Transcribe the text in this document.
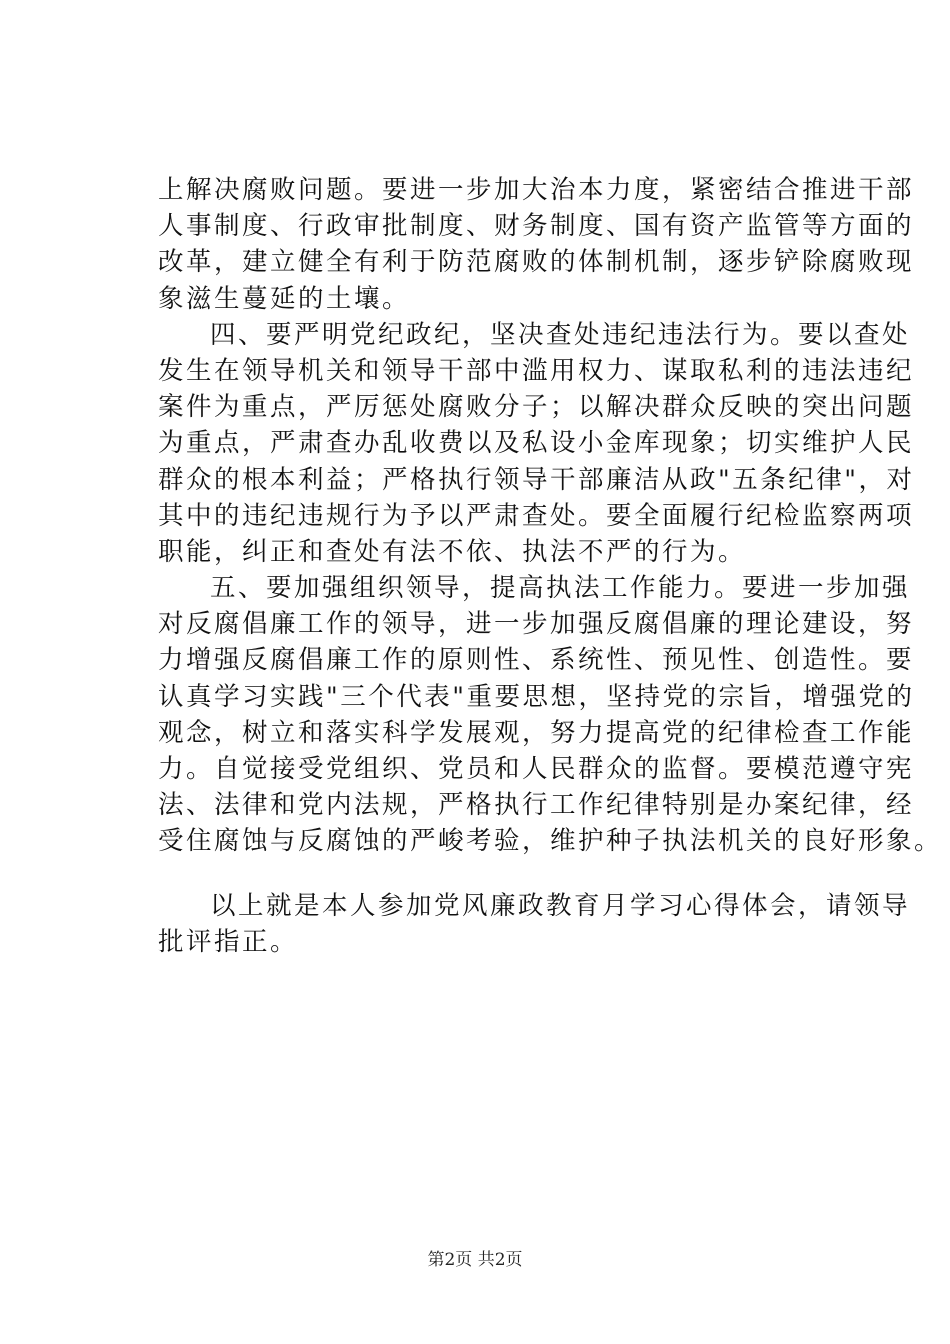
上解决腐败问题。要进一步加大治本力度，紧密结合推进干部
人事制度、行政审批制度、财务制度、国有资产监管等方面的
改革，建立健全有利于防范腐败的体制机制，逐步铲除腐败现
象滋生蔓延的土壤。
四、要严明党纪政纪，坚决查处违纪违法行为。要以查处
发生在领导机关和领导干部中滥用权力、谋取私利的违法违纪
案件为重点，严厉惩处腐败分子；以解决群众反映的突出问题
为重点，严肃查办乱收费以及私设小金库现象；切实维护人民
群众的根本利益；严格执行领导干部廉洁从政"五条纪律"，对
其中的违纪违规行为予以严肃查处。要全面履行纪检监察两项
职能，纠正和查处有法不依、执法不严的行为。
五、要加强组织领导，提高执法工作能力。要进一步加强
对反腐倡廉工作的领导，进一步加强反腐倡廉的理论建设，努
力增强反腐倡廉工作的原则性、系统性、预见性、创造性。要
认真学习实践"三个代表"重要思想，坚持党的宗旨，增强党的
观念，树立和落实科学发展观，努力提高党的纪律检查工作能
力。自觉接受党组织、党员和人民群众的监督。要模范遵守宪
法、法律和党内法规，严格执行工作纪律特别是办案纪律，经
受住腐蚀与反腐蚀的严峻考验，维护种子执法机关的良好形象。
以上就是本人参加党风廉政教育月学习心得体会，请领导
批评指正。
第2页 共2页
